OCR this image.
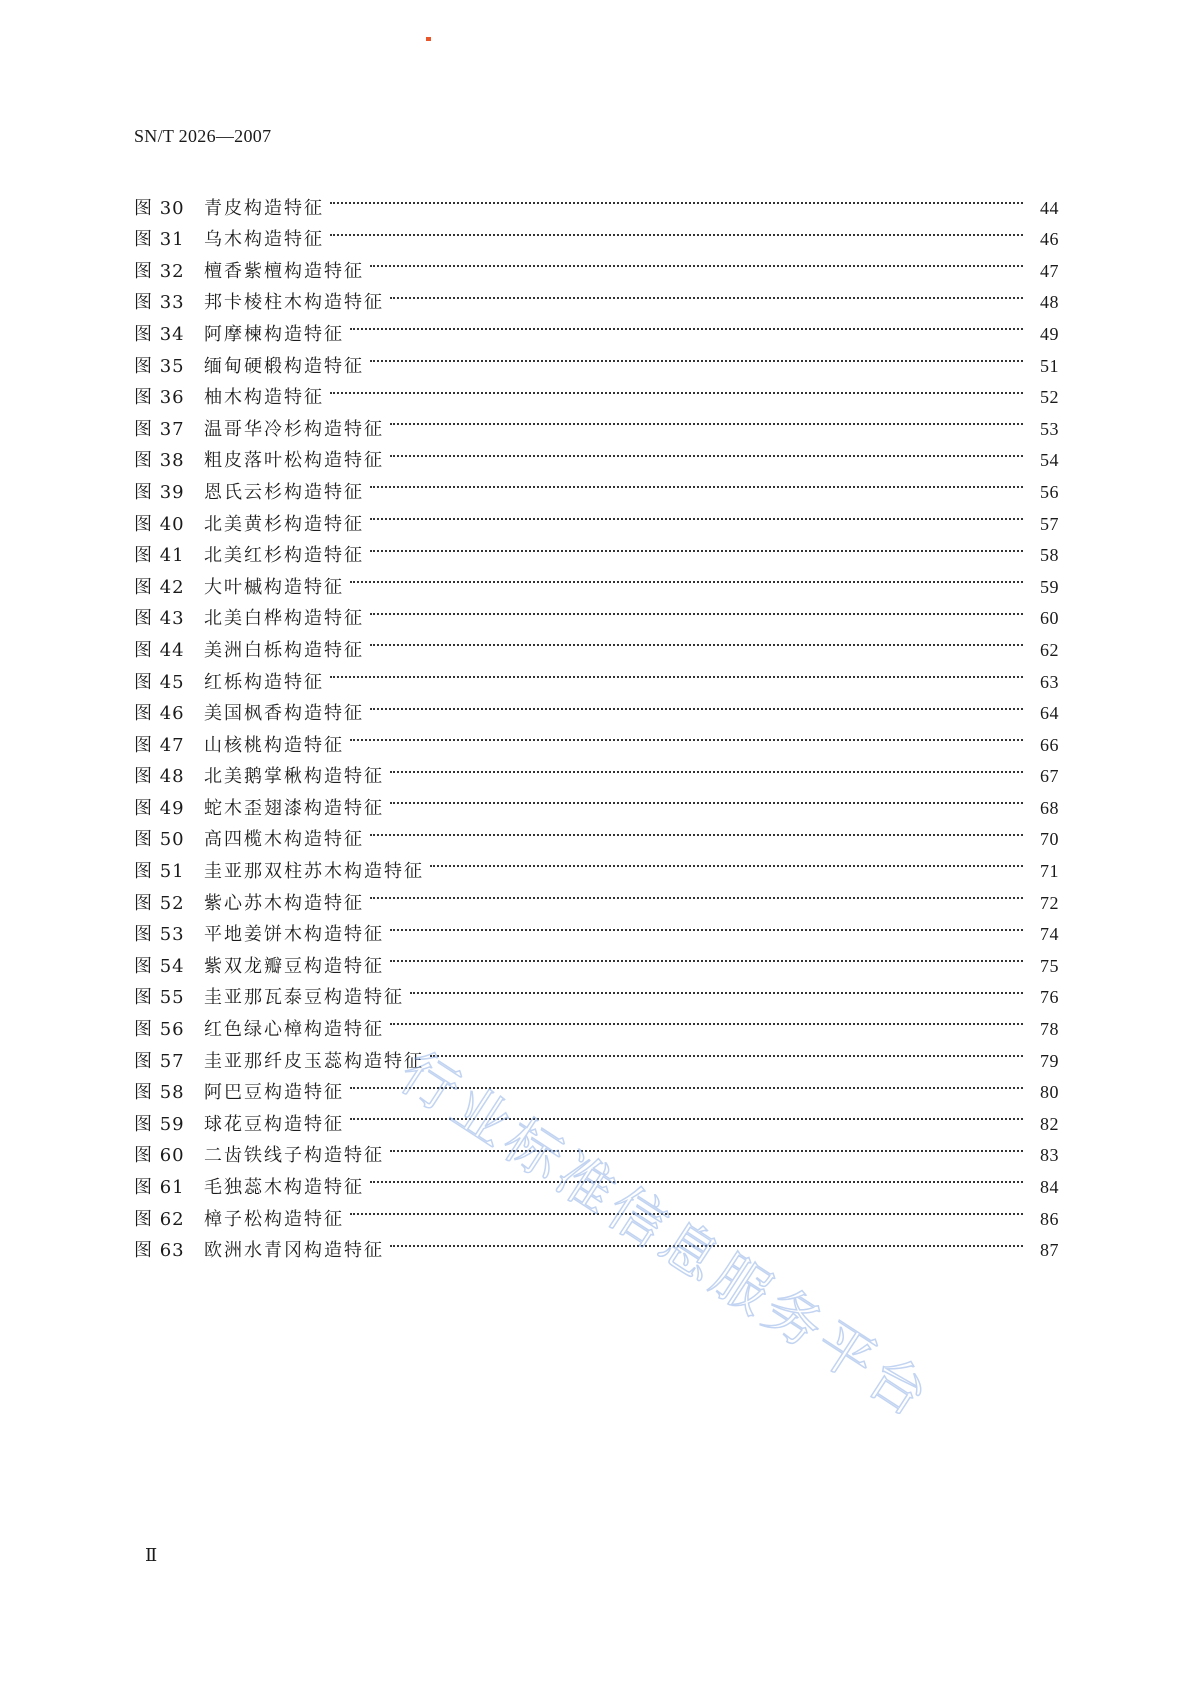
SN/T 2026—2007
图 30	青皮构造特征	44
图 31	乌木构造特征	46
图 32	檀香紫檀构造特征	47
图 33	邦卡棱柱木构造特征	48
图 34	阿摩楝构造特征	49
图 35	缅甸硬椴构造特征	51
图 36	柚木构造特征	52
图 37	温哥华冷杉构造特征	53
图 38	粗皮落叶松构造特征	54
图 39	恩氏云杉构造特征	56
图 40	北美黄杉构造特征	57
图 41	北美红杉构造特征	58
图 42	大叶槭构造特征	59
图 43	北美白桦构造特征	60
图 44	美洲白栎构造特征	62
图 45	红栎构造特征	63
图 46	美国枫香构造特征	64
图 47	山核桃构造特征	66
图 48	北美鹅掌楸构造特征	67
图 49	蛇木歪翅漆构造特征	68
图 50	高四榄木构造特征	70
图 51	圭亚那双柱苏木构造特征	71
图 52	紫心苏木构造特征	72
图 53	平地姜饼木构造特征	74
图 54	紫双龙瓣豆构造特征	75
图 55	圭亚那瓦泰豆构造特征	76
图 56	红色绿心樟构造特征	78
图 57	圭亚那纤皮玉蕊构造特征	79
图 58	阿巴豆构造特征	80
图 59	球花豆构造特征	82
图 60	二齿铁线子构造特征	83
图 61	毛独蕊木构造特征	84
图 62	樟子松构造特征	86
图 63	欧洲水青冈构造特征	87
行业标准信息服务平台
Ⅱ
